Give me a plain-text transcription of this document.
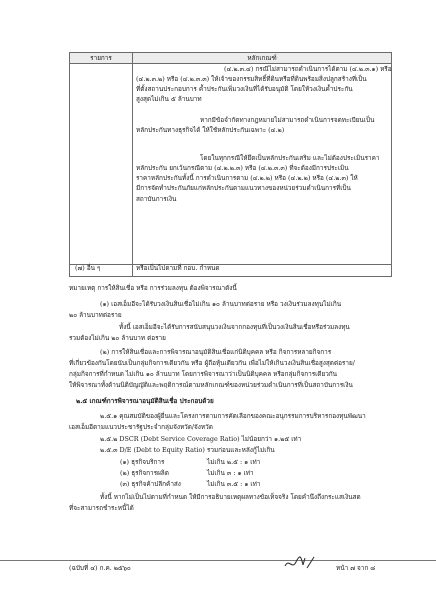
รายการ	หลักเกณฑ์

(๔.๒.๓.๔) กรณีไม่สามารถดำเนินการได้ตาม (๔.๒.๓.๑) หรือ
(๔.๒.๓.๒) หรือ (๔.๒.๓.๓) ให้เจ้าของกรรมสิทธิ์ที่ดินหรือที่ดินพร้อมสิ่งปลูกสร้างที่เป็น
ที่ตั้งสถานประกอบการ ค้ำประกันเพิ่มวงเงินที่ได้รับอนุมัติ โดยให้วงเงินค้ำประกัน
สูงสุดไม่เกิน ๕ ล้านบาท
หากมีข้อจำกัดทางกฎหมายไม่สามารถดำเนินการจดทะเบียนเป็น
หลักประกันทางธุรกิจได้ ให้ใช้หลักประกันเฉพาะ (๔.๒)
โดยในทุกกรณีให้ยึดเป็นหลักประกันเสริม และไม่ต้องประเมินราคา
หลักประกัน ยกเว้นกรณีตาม (๔.๒.๒.๓) หรือ (๔.๒.๓.๓) ที่จะต้องมีการประเมิน
ราคาหลักประกันทั้งนี้ การดำเนินการตาม (๔.๒.๒) หรือ (๔.๒.๒) หรือ (๔.๒.๓) ให้
มีการจัดทำประกันภัยแก่หลักประกันตามแนวทางของหน่วยร่วมดำเนินการที่เป็น
สถาบันการเงิน
(๗) อื่น ๆ	หรือเป็นไปตามที่ กอบ. กำหนด
หมายเหตุ การให้สินเชื่อ หรือ การร่วมลงทุน ต้องพิจารณาดังนี้
(๑) เอสเอ็มอีจะได้รับวงเงินสินเชื่อไม่เกิน ๑๐ ล้านบาทต่อราย หรือ วงเงินร่วมลงทุนไม่เกิน
๒๐ ล้านบาทต่อราย
ทั้งนี้ เอสเอ็มอีจะได้รับการสนับสนุนวงเงินจากกองทุนที่เป็นวงเงินสินเชื่อหรือร่วมลงทุน
รวมต้องไม่เกิน ๒๐ ล้านบาท ต่อราย
(๒) การให้สินเชื่อและการพิจารณาอนุมัติสินเชื่อแก่นิติบุคคล หรือ กิจการหลายกิจการ
ที่เกี่ยวข้องกันโดยนับเป็นกลุ่มกิจการเดียวกัน หรือ ผู้ถือหุ้นเดียวกัน เพื่อไม่ให้เกินวงเงินสินเชื่อสูงสุดต่อราย/
กลุ่มกิจการที่กำหนด ไม่เกิน ๑๐ ล้านบาท โดยการพิจารณาว่าเป็นนิติบุคคล หรือกลุ่มกิจการเดียวกัน
ให้พิจารณาทั้งด้านนิติบัญญัติและพฤติการณ์ตามหลักเกณฑ์ของหน่วยร่วมดำเนินการที่เป็นสถาบันการเงิน
๒.๕ เกณฑ์การพิจารณาอนุมัติสินเชื่อ ประกอบด้วย
๒.๕.๑ คุณสมบัติของผู้ยื่นและโครงการตามการคัดเลือกของคณะอนุกรรมการบริหารกองทุนพัฒนา
เอสเอ็มอีตามแนวประชารัฐประจำกลุ่มจังหวัด/จังหวัด
๒.๕.๒ DSCR (Debt Service Coverage Ratio) ไม่น้อยกว่า ๑.๒๕ เท่า
๒.๕.๓ D/E (Debt to Equity Ratio) รวมก่อนและหลังกู้ไม่เกิน
(๑) ธุรกิจบริการ	ไม่เกิน ๒.๕ : ๑ เท่า
(๒) ธุรกิจการผลิต	ไม่เกิน ๓ : ๑ เท่า
(๓) ธุรกิจค้าปลีกค้าส่ง	ไม่เกิน ๓.๕ : ๑ เท่า
ทั้งนี้ หากไม่เป็นไปตามที่กำหนด ให้มีการอธิบายเหตุผลทางข้อเท็จจริง โดยคำนึงถึงกระแสเงินสด
ที่จะสามารถชำระหนี้ได้
(ฉบับที่ ๔) ก.ค. ๒๕๖๐	หน้า ๗ จาก ๘
